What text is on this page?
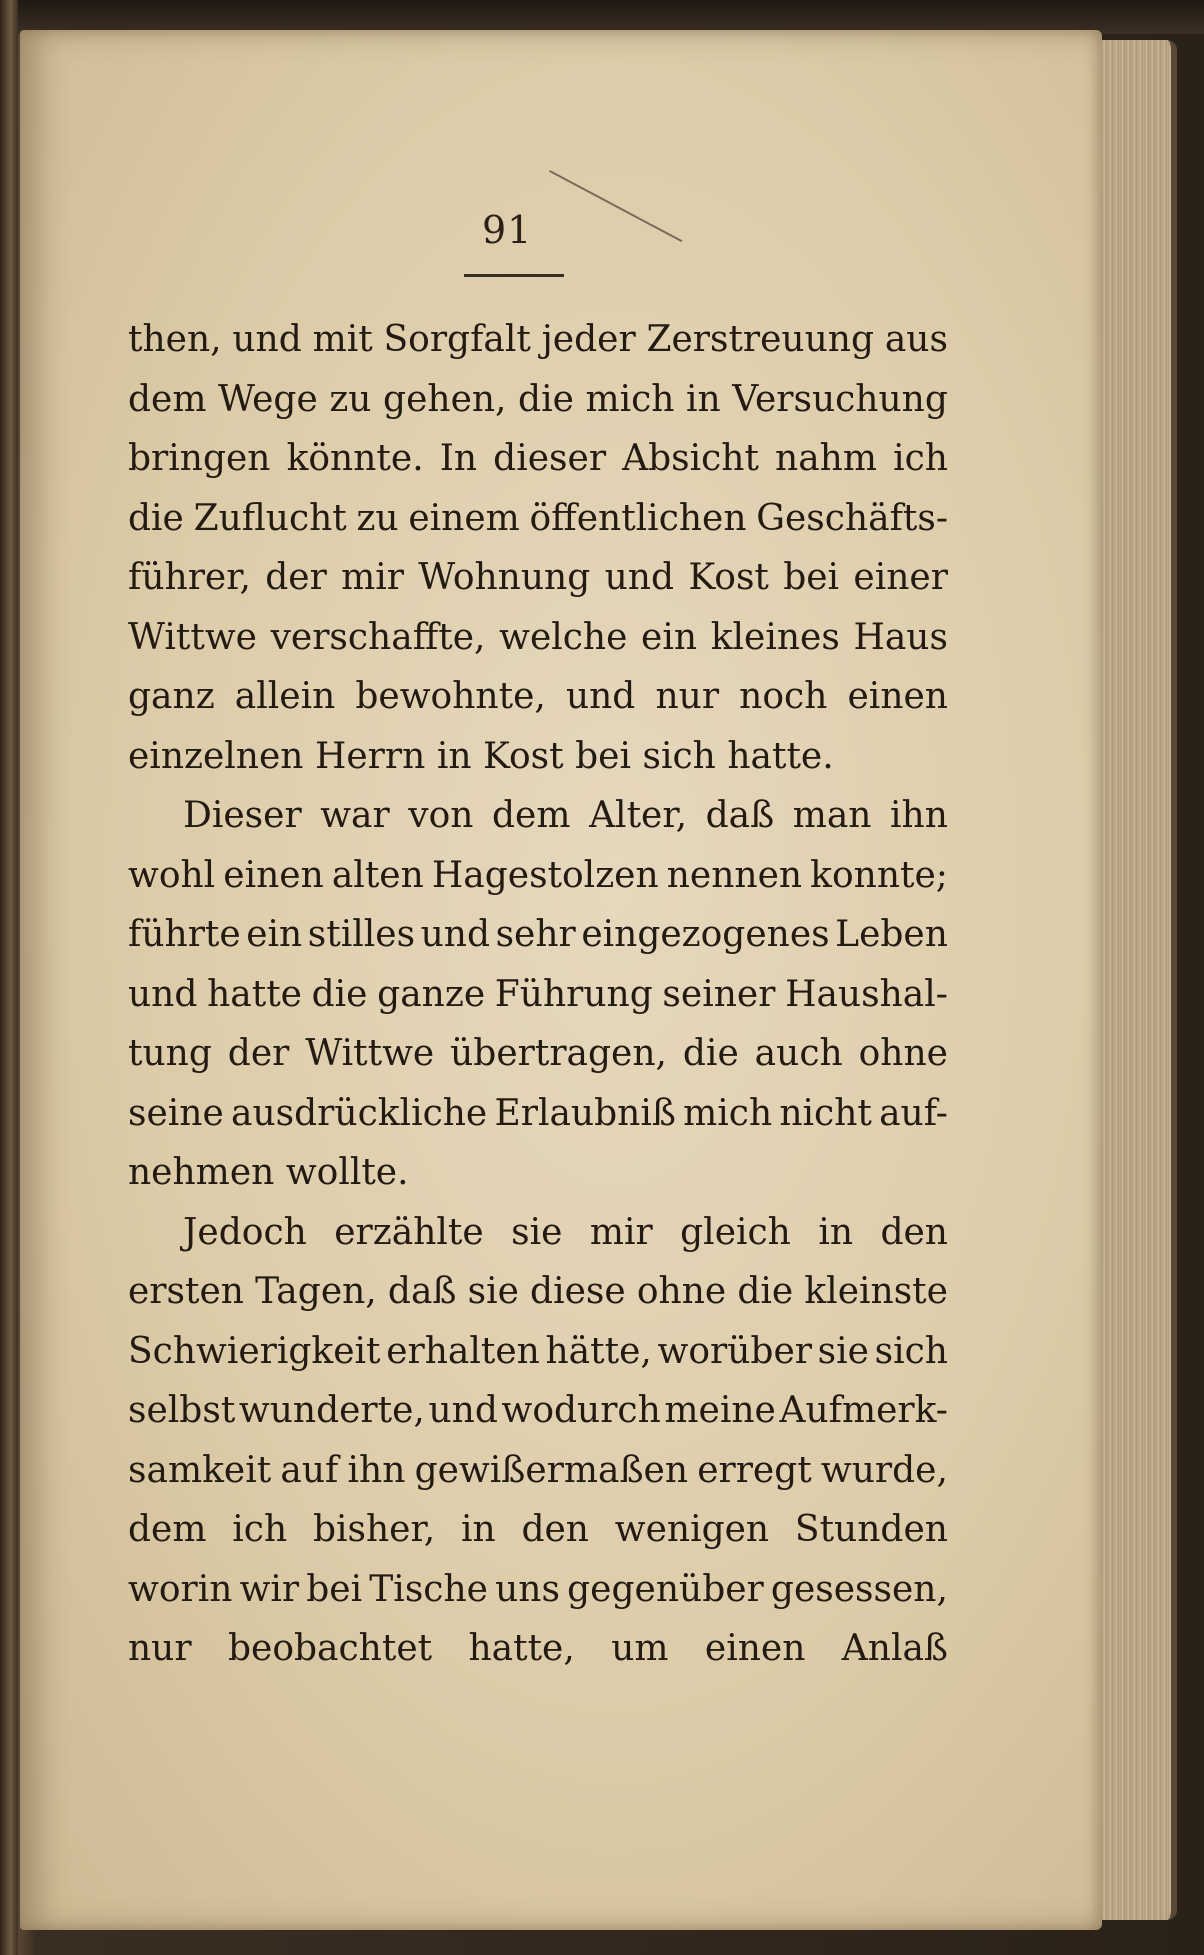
91
then, und mit Sorgfalt jeder Zerstreuung aus
dem Wege zu gehen, die mich in Versuchung
bringen könnte. In dieser Absicht nahm ich
die Zuflucht zu einem öffentlichen Geschäfts-
führer, der mir Wohnung und Kost bei einer
Wittwe verschaffte, welche ein kleines Haus
ganz allein bewohnte, und nur noch einen
einzelnen Herrn in Kost bei sich hatte.
Dieser war von dem Alter, daß man ihn
wohl einen alten Hagestolzen nennen konnte;
führte ein stilles und sehr eingezogenes Leben
und hatte die ganze Führung seiner Haushal-
tung der Wittwe übertragen, die auch ohne
seine ausdrückliche Erlaubniß mich nicht auf-
nehmen wollte.
Jedoch erzählte sie mir gleich in den
ersten Tagen, daß sie diese ohne die kleinste
Schwierigkeit erhalten hätte, worüber sie sich
selbst wunderte, und wodurch meine Aufmerk-
samkeit auf ihn gewißermaßen erregt wurde,
dem ich bisher, in den wenigen Stunden
worin wir bei Tische uns gegenüber gesessen,
nur beobachtet hatte, um einen Anlaß
